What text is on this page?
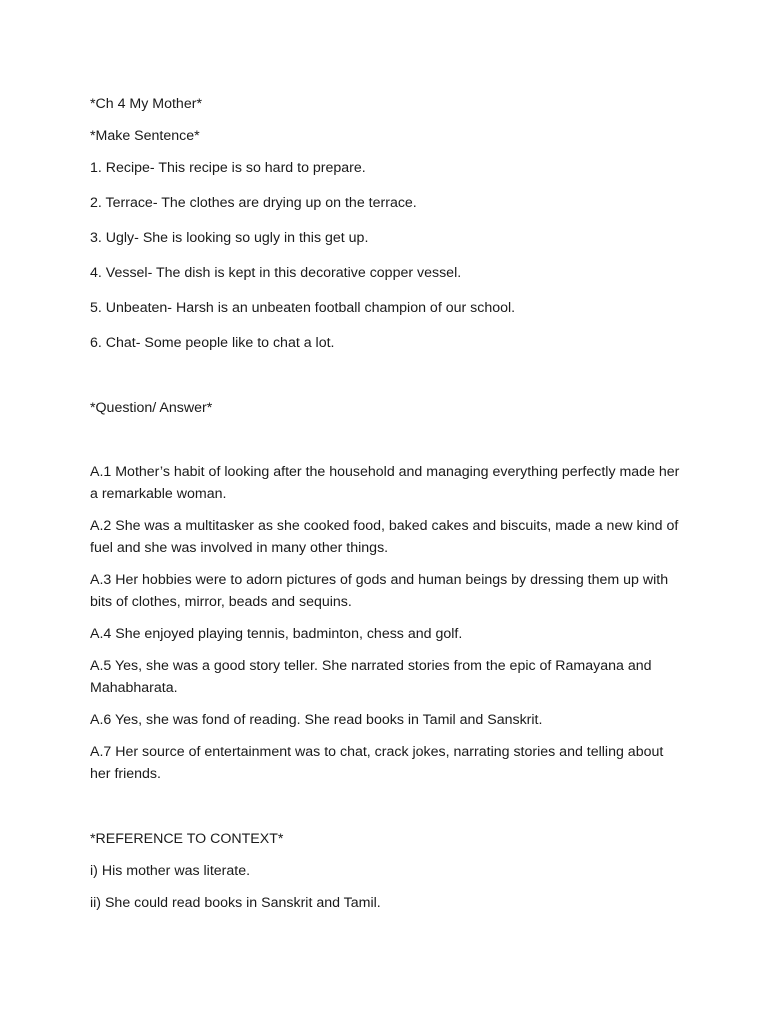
*Ch 4 My Mother*

*Make Sentence*

1. Recipe- This recipe is so hard to prepare.

2. Terrace- The clothes are drying up on the terrace.

3. Ugly- She is looking so ugly in this get up.

4. Vessel- The dish is kept in this decorative copper vessel.

5. Unbeaten- Harsh is an unbeaten football champion of our school.

6. Chat- Some people like to chat a lot.

*Question/ Answer*

A.1 Mother’s habit of looking after the household and managing everything perfectly made her a remarkable woman.

A.2 She was a multitasker as she cooked food, baked cakes and biscuits, made a new kind of fuel and she was involved in many other things.

A.3 Her hobbies were to adorn pictures of gods and human beings by dressing them up with bits of clothes, mirror, beads and sequins.

A.4 She enjoyed playing tennis, badminton, chess and golf.

A.5 Yes, she was a good story teller. She narrated stories from the epic of Ramayana and Mahabharata.

A.6 Yes, she was fond of reading. She read books in Tamil and Sanskrit.

A.7 Her source of entertainment was to chat, crack jokes, narrating stories and telling about her friends.

*REFERENCE TO CONTEXT*

i) His mother was literate.

ii) She could read books in Sanskrit and Tamil.
